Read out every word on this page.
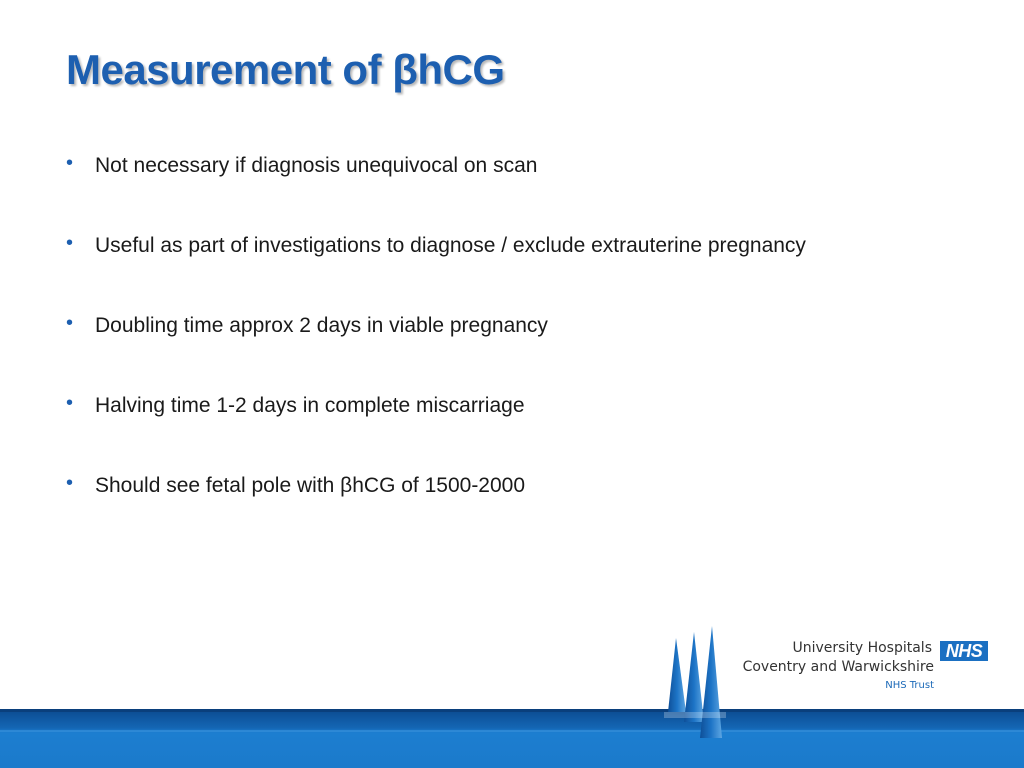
Measurement of βhCG
• Not necessary if diagnosis unequivocal on scan
• Useful as part of investigations to diagnose / exclude extrauterine pregnancy
• Doubling time approx 2 days in viable pregnancy
• Halving time 1-2 days in complete miscarriage
• Should see fetal pole with βhCG of 1500-2000
University Hospitals NHS
Coventry and Warwickshire
NHS Trust
